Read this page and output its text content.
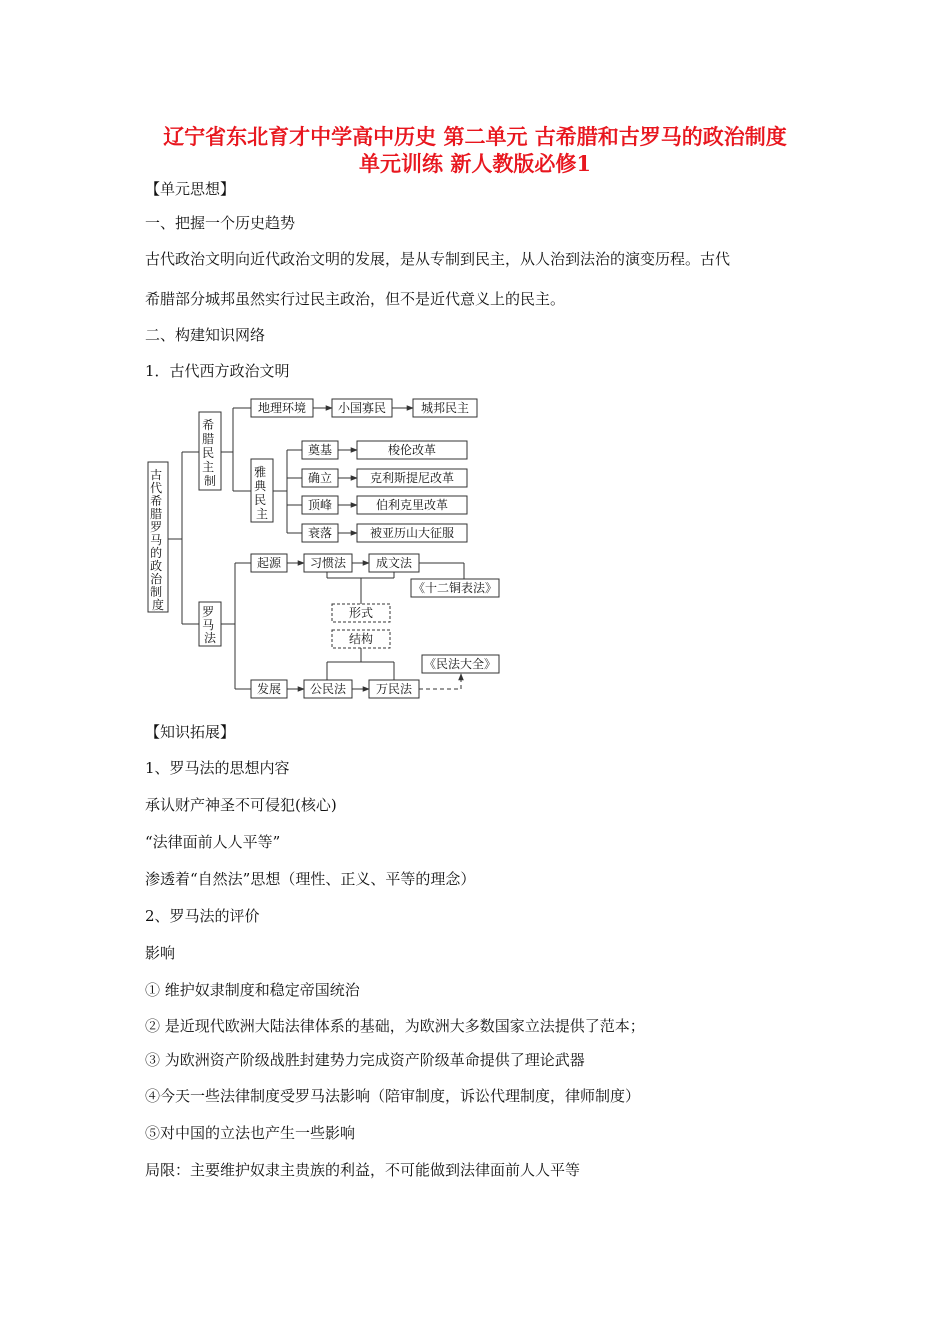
辽宁省东北育才中学高中历史 第二单元 古希腊和古罗马的政治制度
单元训练 新人教版必修1
【单元思想】
一、把握一个历史趋势
古代政治文明向近代政治文明的发展，是从专制到民主，从人治到法治的演变历程。古代
希腊部分城邦虽然实行过民主政治，但不是近代意义上的民主。
二、构建知识网络
1．古代西方政治文明
古 代 希 腊 罗 马 的 政 治 制 度
希 腊 民 主 制
雅 典 民 主
罗 马 法
地理环境	小国寡民	城邦民主
奠基
确立
顶峰
衰落
梭伦改革
克利斯提尼改革
伯利克里改革
被亚历山大征服
起源 习惯法 成文法
《十二铜表法》
形式
结构
发展 公民法 万民法
《民法大全》
【知识拓展】
1、罗马法的思想内容
承认财产神圣不可侵犯(核心)
“法律面前人人平等”
渗透着“自然法”思想（理性、正义、平等的理念）
2、罗马法的评价
影响
① 维护奴隶制度和稳定帝国统治
② 是近现代欧洲大陆法律体系的基础，为欧洲大多数国家立法提供了范本；
③ 为欧洲资产阶级战胜封建势力完成资产阶级革命提供了理论武器
④今天一些法律制度受罗马法影响（陪审制度，诉讼代理制度，律师制度）
⑤对中国的立法也产生一些影响
局限：主要维护奴隶主贵族的利益，不可能做到法律面前人人平等
